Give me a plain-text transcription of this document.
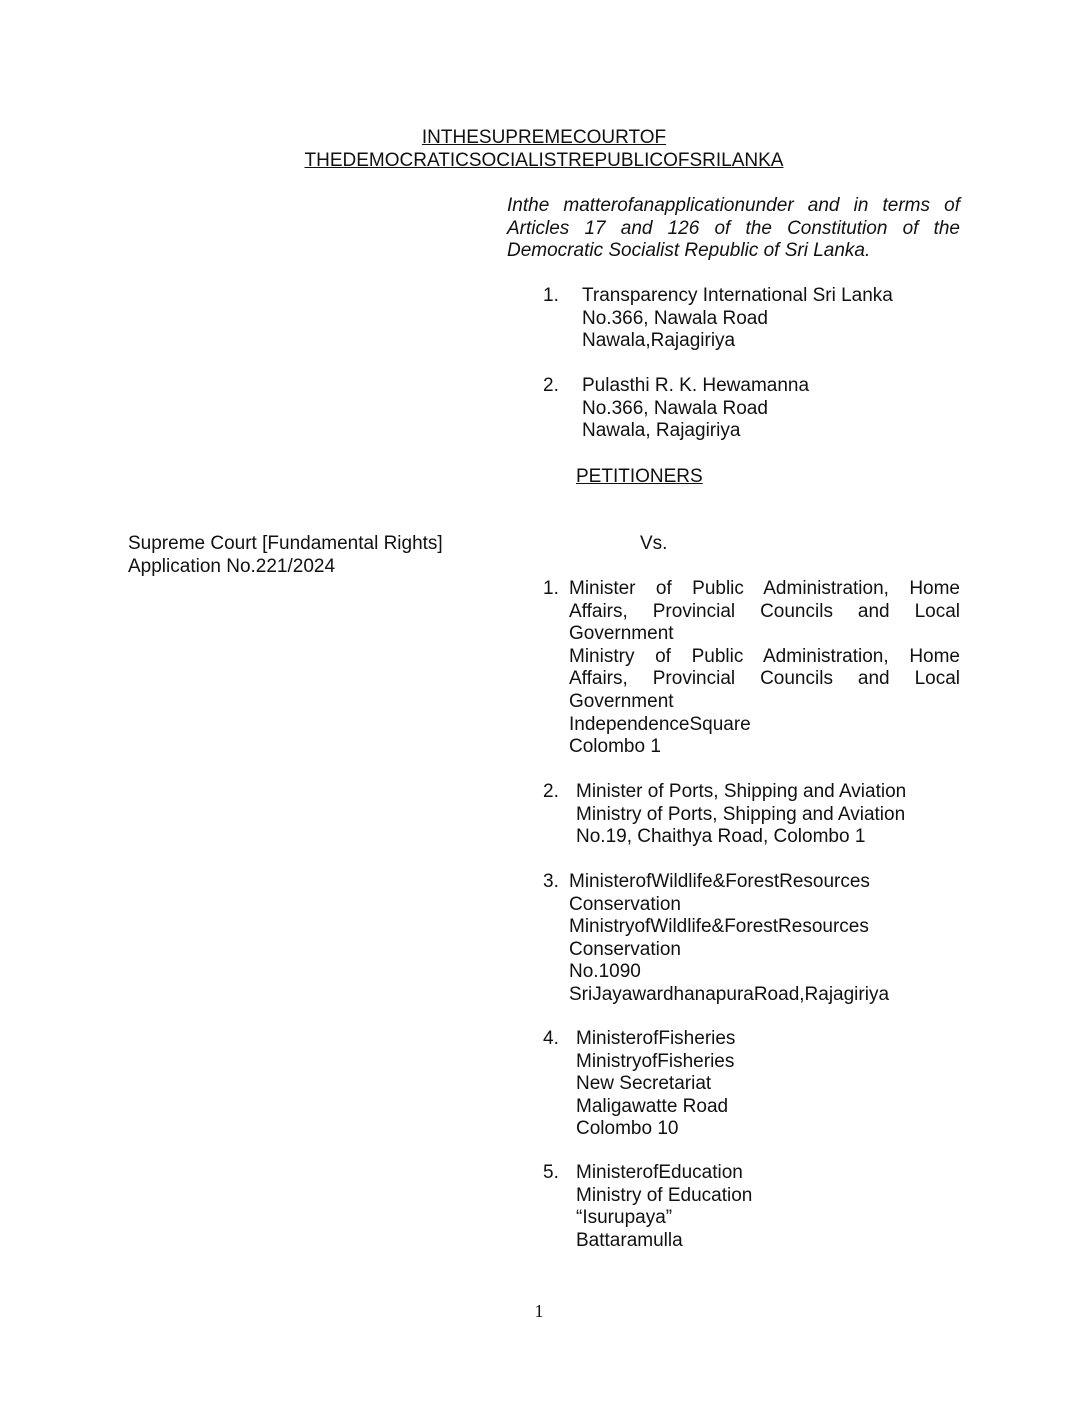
INTHESUPREMECOURTOF
THEDEMOCRATICSOCIALISTREPUBLICOFSRILANKA
Inthe matterofanapplicationunder and in terms of Articles 17 and 126 of the Constitution of the Democratic Socialist Republic of Sri Lanka.
1. Transparency International Sri Lanka
No.366, Nawala Road
Nawala,Rajagiriya
2. Pulasthi R. K. Hewamanna
No.366, Nawala Road
Nawala, Rajagiriya
PETITIONERS
Supreme Court [Fundamental Rights]
Application No.221/2024
Vs.
1. Minister of Public Administration, Home
Affairs, Provincial Councils and Local
Government
Ministry of Public Administration, Home
Affairs, Provincial Councils and Local
Government
IndependenceSquare
Colombo 1
2. Minister of Ports, Shipping and Aviation
Ministry of Ports, Shipping and Aviation
No.19, Chaithya Road, Colombo 1
3. MinisterofWildlife&ForestResources
Conservation
MinistryofWildlife&ForestResources
Conservation
No.1090
SriJayawardhanapuraRoad,Rajagiriya
4. MinisterofFisheries
MinistryofFisheries
New Secretariat
Maligawatte Road
Colombo 10
5. MinisterofEducation
Ministry of Education
“Isurupaya”
Battaramulla
1
